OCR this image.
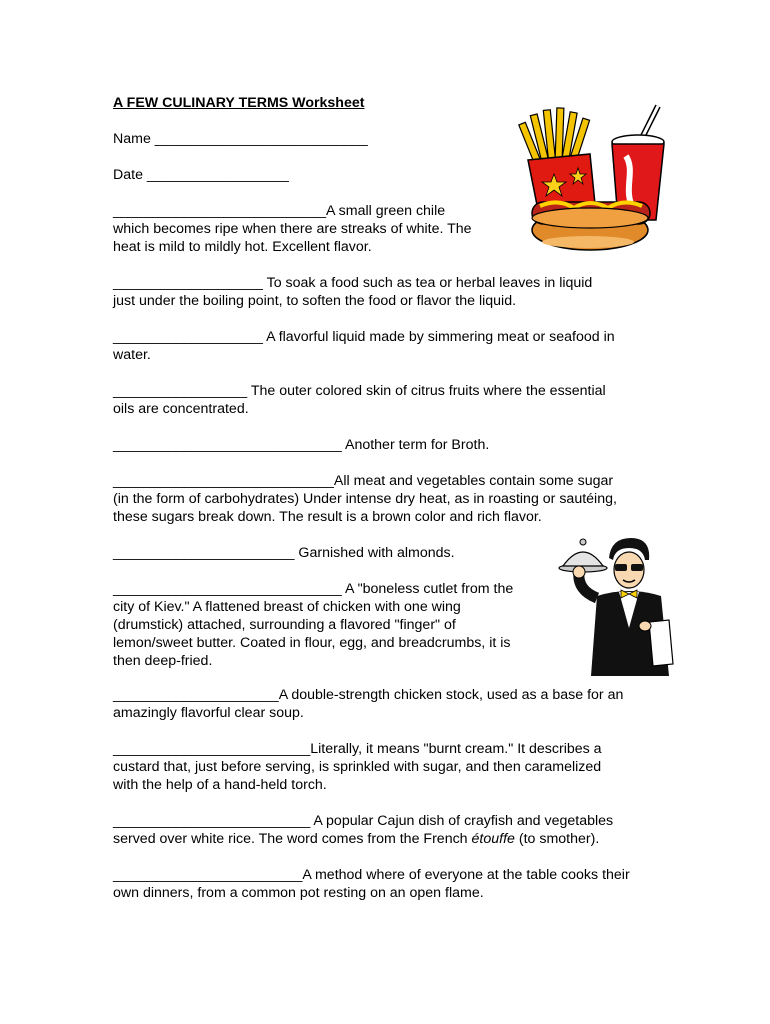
A FEW CULINARY TERMS Worksheet
Name ___________________________
Date __________________
___________________________A small green chile
which becomes ripe when there are streaks of white. The
heat is mild to mildly hot. Excellent flavor.
___________________ To soak a food such as tea or herbal leaves in liquid
just under the boiling point, to soften the food or flavor the liquid.
___________________ A flavorful liquid made by simmering meat or seafood in
water.
_________________ The outer colored skin of citrus fruits where the essential
oils are concentrated.
_____________________________ Another term for Broth.
____________________________All meat and vegetables contain some sugar
(in the form of carbohydrates) Under intense dry heat, as in roasting or sautéing,
these sugars break down. The result is a brown color and rich flavor.
_______________________ Garnished with almonds.
_____________________________ A "boneless cutlet from the
city of Kiev." A flattened breast of chicken with one wing
(drumstick) attached, surrounding a flavored "finger" of
lemon/sweet butter. Coated in flour, egg, and breadcrumbs, it is
then deep-fried.
_____________________A double-strength chicken stock, used as a base for an
amazingly flavorful clear soup.
_________________________Literally, it means "burnt cream." It describes a
custard that, just before serving, is sprinkled with sugar, and then caramelized
with the help of a hand-held torch.
_________________________ A popular Cajun dish of crayfish and vegetables
served over white rice. The word comes from the French étouffe (to smother).
________________________A method where of everyone at the table cooks their
own dinners, from a common pot resting on an open flame.
